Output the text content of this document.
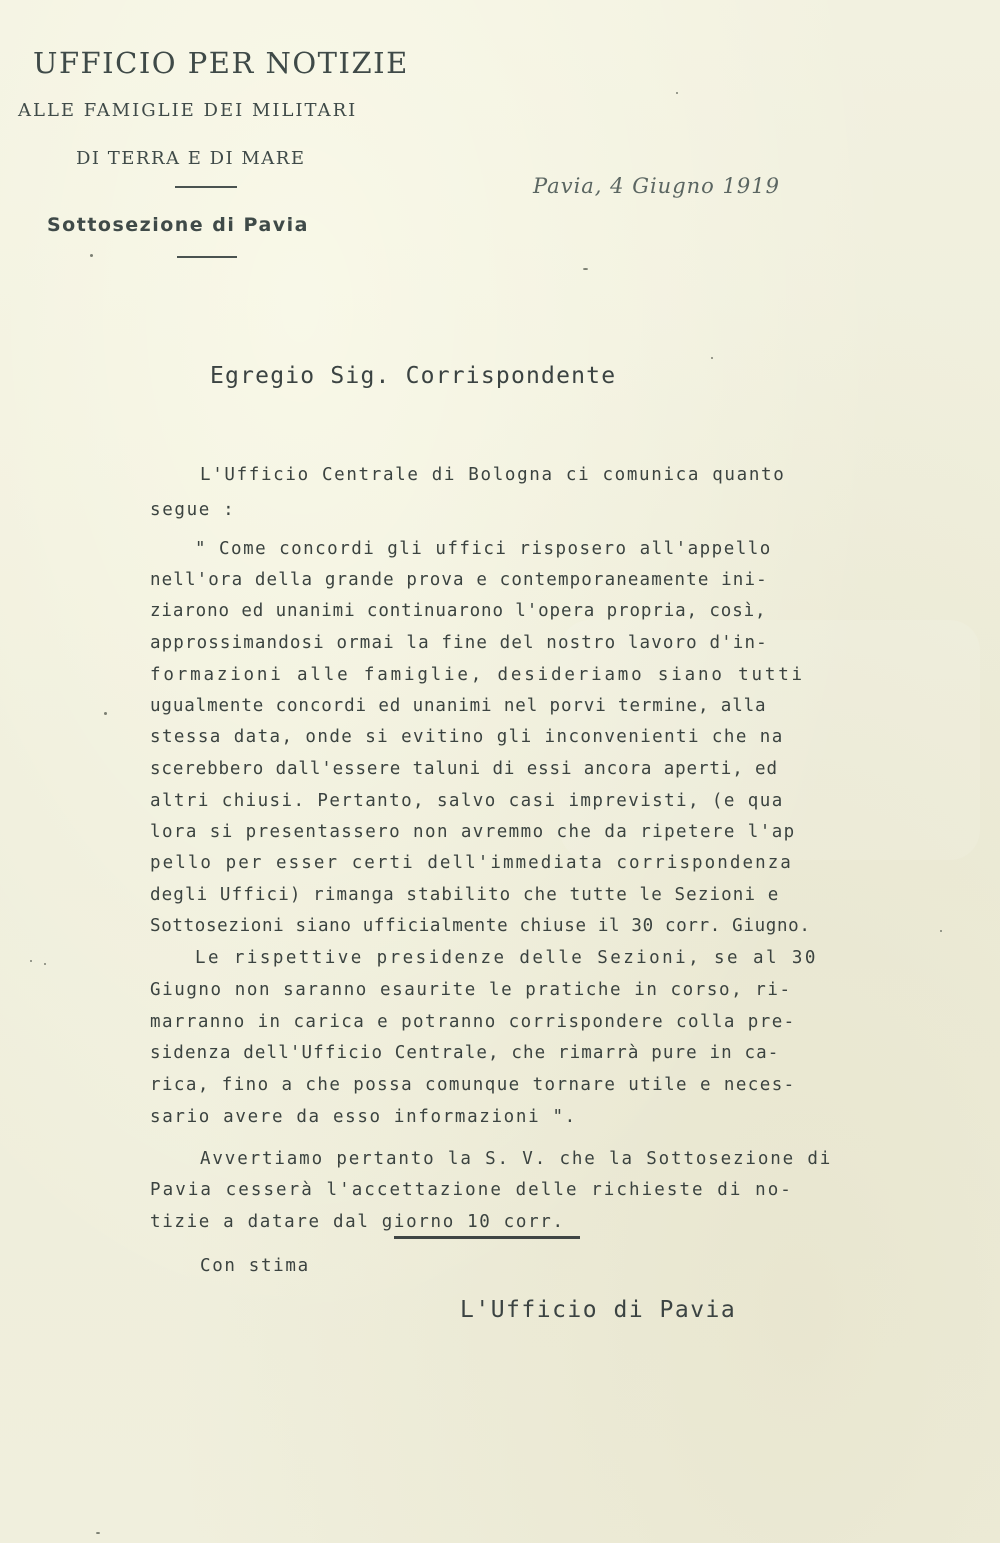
UFFICIO PER NOTIZIE
ALLE FAMIGLIE DEI MILITARI
DI TERRA E DI MARE
Sottosezione di Pavia
Pavia, 4 Giugno 1919
Egregio Sig. Corrispondente
L'Ufficio Centrale di Bologna ci comunica quanto
segue :
" Come concordi gli uffici risposero all'appello
nell'ora della grande prova e contemporaneamente ini-
ziarono ed unanimi continuarono l'opera propria, così,
approssimandosi ormai la fine del nostro lavoro d'in-
formazioni alle famiglie, desideriamo siano tutti
ugualmente concordi ed unanimi nel porvi termine, alla
stessa data, onde si evitino gli inconvenienti che na
scerebbero dall'essere taluni di essi ancora aperti, ed
altri chiusi. Pertanto, salvo casi imprevisti, (e qua
lora si presentassero non avremmo che da ripetere l'ap
pello per esser certi dell'immediata corrispondenza
degli Uffici) rimanga stabilito che tutte le Sezioni e
Sottosezioni siano ufficialmente chiuse il 30 corr. Giugno.
Le rispettive presidenze delle Sezioni, se al 30
Giugno non saranno esaurite le pratiche in corso, ri-
marranno in carica e potranno corrispondere colla pre-
sidenza dell'Ufficio Centrale, che rimarrà pure in ca-
rica, fino a che possa comunque tornare utile e neces-
sario avere da esso informazioni ".
Avvertiamo pertanto la S. V. che la Sottosezione di
Pavia cesserà l'accettazione delle richieste di no-
tizie a datare dal giorno 10 corr.
Con stima
L'Ufficio di Pavia
